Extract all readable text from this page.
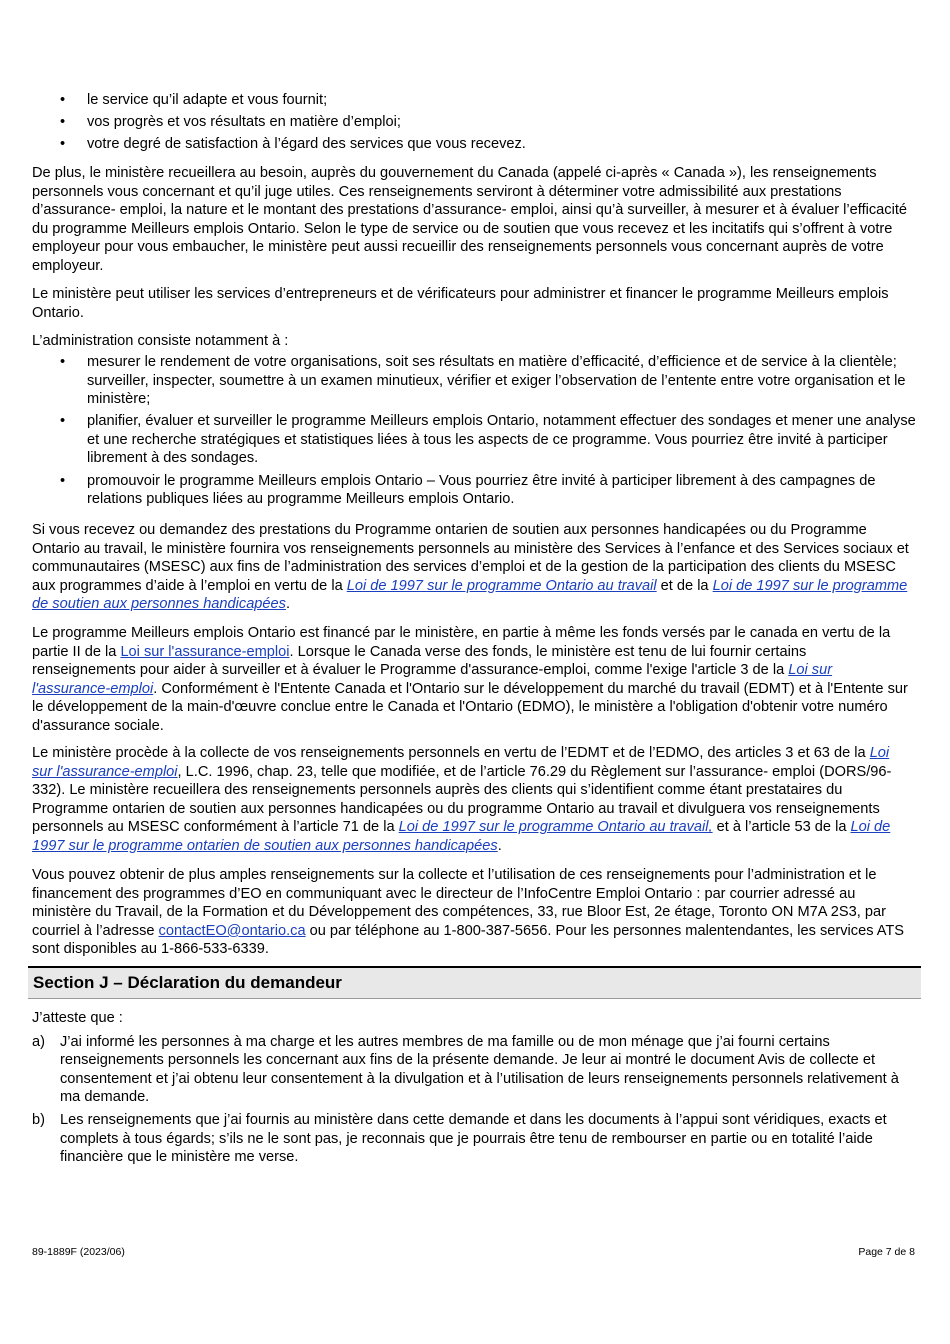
• le service qu’il adapte et vous fournit;
• vos progrès et vos résultats en matière d’emploi;
• votre degré de satisfaction à l’égard des services que vous recevez.

De plus, le ministère recueillera au besoin, auprès du gouvernement du Canada (appelé ci-après « Canada »), les renseignements personnels vous concernant et qu’il juge utiles. Ces renseignements serviront à déterminer votre admissibilité aux prestations d’assurance- emploi, la nature et le montant des prestations d’assurance- emploi, ainsi qu’à surveiller, à mesurer et à évaluer l’efficacité du programme Meilleurs emplois Ontario. Selon le type de service ou de soutien que vous recevez et les incitatifs qui s’offrent à votre employeur pour vous embaucher, le ministère peut aussi recueillir des renseignements personnels vous concernant auprès de votre employeur.

Le ministère peut utiliser les services d’entrepreneurs et de vérificateurs pour administrer et financer le programme Meilleurs emplois Ontario.

L’administration consiste notamment à :

• mesurer le rendement de votre organisations, soit ses résultats en matière d’efficacité, d’efficience et de service à la clientèle; surveiller, inspecter, soumettre à un examen minutieux, vérifier et exiger l’observation de l’entente entre votre organisation et le ministère;
• planifier, évaluer et surveiller le programme Meilleurs emplois Ontario, notamment effectuer des sondages et mener une analyse et une recherche stratégiques et statistiques liées à tous les aspects de ce programme. Vous pourriez être invité à participer librement à des sondages.
• promouvoir le programme Meilleurs emplois Ontario – Vous pourriez être invité à participer librement à des campagnes de relations publiques liées au programme Meilleurs emplois Ontario.

Si vous recevez ou demandez des prestations du Programme ontarien de soutien aux personnes handicapées ou du Programme Ontario au travail, le ministère fournira vos renseignements personnels au ministère des Services à l’enfance et des Services sociaux et communautaires (MSESC) aux fins de l’administration des services d’emploi et de la gestion de la participation des clients du MSESC aux programmes d’aide à l’emploi en vertu de la Loi de 1997 sur le programme Ontario au travail et de la Loi de 1997 sur le programme de soutien aux personnes handicapées.

Le programme Meilleurs emplois Ontario est financé par le ministère, en partie à même les fonds versés par le canada en vertu de la partie II de la Loi sur l'assurance-emploi. Lorsque le Canada verse des fonds, le ministère est tenu de lui fournir certains renseignements pour aider à surveiller et à évaluer le Programme d'assurance-emploi, comme l'exige l'article 3 de la Loi sur l'assurance-emploi. Conformément è l'Entente Canada et l'Ontario sur le développement du marché du travail (EDMT) et à l'Entente sur le développement de la main-d'œuvre conclue entre le Canada et l'Ontario (EDMO), le ministère a l'obligation d'obtenir votre numéro d'assurance sociale.

Le ministère procède à la collecte de vos renseignements personnels en vertu de l’EDMT et de l’EDMO, des articles 3 et 63 de la Loi sur l'assurance-emploi, L.C. 1996, chap. 23, telle que modifiée, et de l’article 76.29 du Règlement sur l’assurance- emploi (DORS/96-332). Le ministère recueillera des renseignements personnels auprès des clients qui s’identifient comme étant prestataires du Programme ontarien de soutien aux personnes handicapées ou du programme Ontario au travail et divulguera vos renseignements personnels au MSESC conformément à l’article 71 de la Loi de 1997 sur le programme Ontario au travail, et à l’article 53 de la Loi de 1997 sur le programme ontarien de soutien aux personnes handicapées.

Vous pouvez obtenir de plus amples renseignements sur la collecte et l’utilisation de ces renseignements pour l’administration et le financement des programmes d’EO en communiquant avec le directeur de l’InfoCentre Emploi Ontario : par courrier adressé au ministère du Travail, de la Formation et du Développement des compétences, 33, rue Bloor Est, 2e étage, Toronto ON M7A 2S3, par courriel à l’adresse contactEO@ontario.ca ou par téléphone au 1-800-387-5656. Pour les personnes malentendantes, les services ATS sont disponibles au 1-866-533-6339.

Section J – Déclaration du demandeur

J’atteste que :

a) J’ai informé les personnes à ma charge et les autres membres de ma famille ou de mon ménage que j’ai fourni certains renseignements personnels les concernant aux fins de la présente demande. Je leur ai montré le document Avis de collecte et consentement et j’ai obtenu leur consentement à la divulgation et à l’utilisation de leurs renseignements personnels relativement à ma demande.
b) Les renseignements que j’ai fournis au ministère dans cette demande et dans les documents à l’appui sont véridiques, exacts et complets à tous égards; s’ils ne le sont pas, je reconnais que je pourrais être tenu de rembourser en partie ou en totalité l’aide financière que le ministère me verse.
89-1889F (2023/06)	Page 7 de 8
